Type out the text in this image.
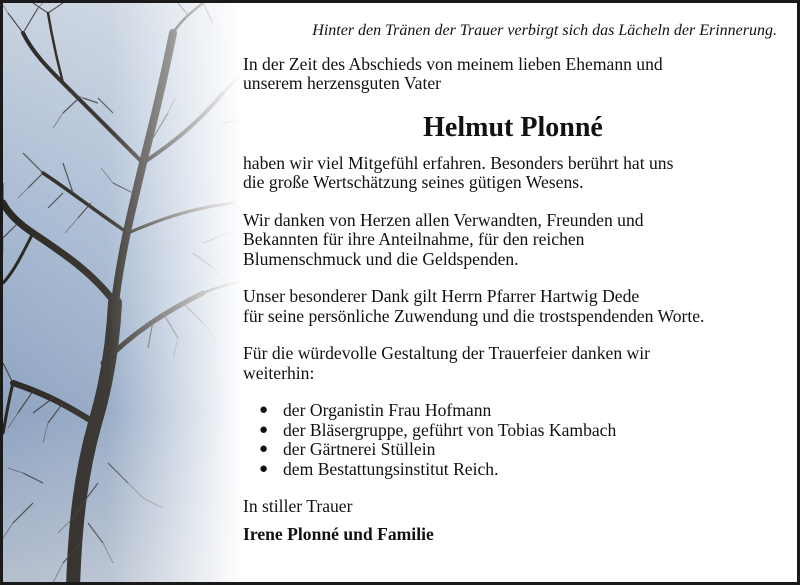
Hinter den Tränen der Trauer verbirgt sich das Lächeln der Erinnerung.

In der Zeit des Abschieds von meinem lieben Ehemann und
unserem herzensguten Vater

Helmut Plonné

haben wir viel Mitgefühl erfahren. Besonders berührt hat uns
die große Wertschätzung seines gütigen Wesens.

Wir danken von Herzen allen Verwandten, Freunden und
Bekannten für ihre Anteilnahme, für den reichen
Blumenschmuck und die Geldspenden.

Unser besonderer Dank gilt Herrn Pfarrer Hartwig Dede
für seine persönliche Zuwendung und die trostspendenden Worte.

Für die würdevolle Gestaltung der Trauerfeier danken wir
weiterhin:

● der Organistin Frau Hofmann
● der Bläsergruppe, geführt von Tobias Kambach
● der Gärtnerei Stüllein
● dem Bestattungsinstitut Reich.
In stiller Trauer
Irene Plonné und Familie
